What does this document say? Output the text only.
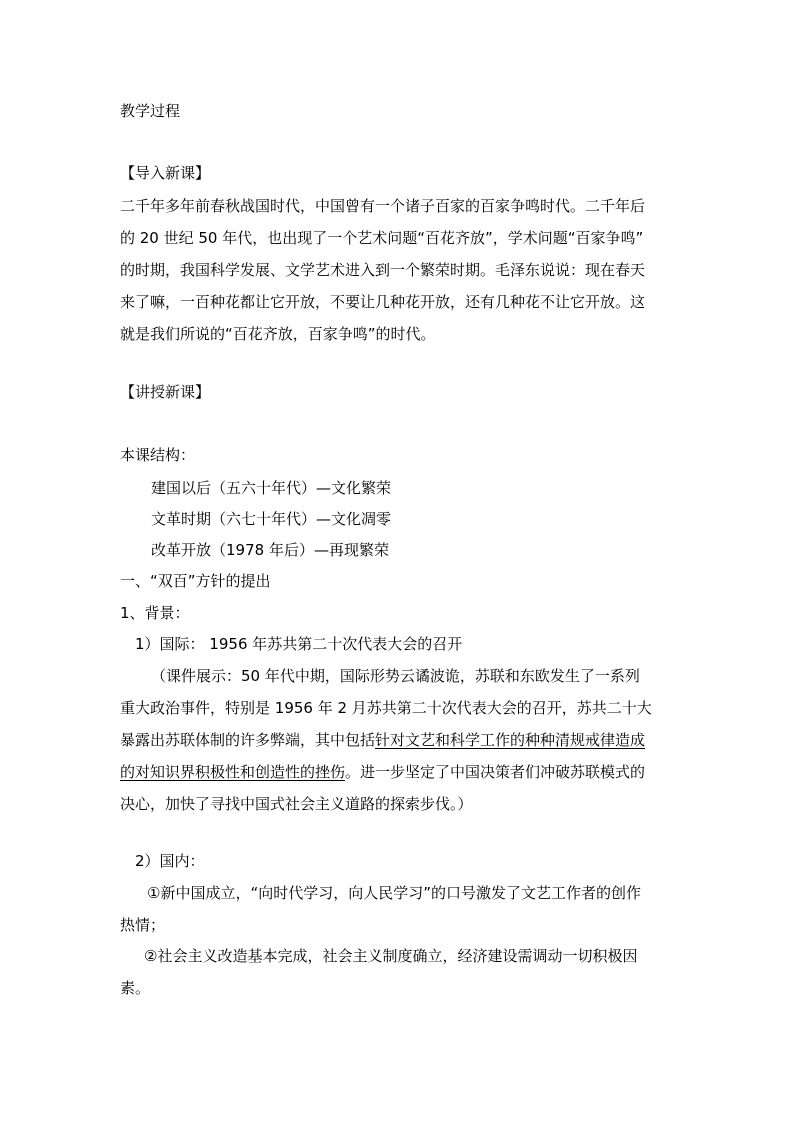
教学过程
【导入新课】
二千年多年前春秋战国时代，中国曾有一个诸子百家的百家争鸣时代。二千年后
的 20 世纪 50 年代，也出现了一个艺术问题“百花齐放”，学术问题“百家争鸣”
的时期，我国科学发展、文学艺术进入到一个繁荣时期。毛泽东说说：现在春天
来了嘛，一百种花都让它开放，不要让几种花开放，还有几种花不让它开放。这
就是我们所说的“百花齐放，百家争鸣”的时代。
【讲授新课】
本课结构：
建国以后（五六十年代）—文化繁荣
文革时期（六七十年代）—文化凋零
改革开放（1978 年后）—再现繁荣
一、“双百”方针的提出
1、背景：
1）国际： 1956 年苏共第二十次代表大会的召开
（课件展示：50 年代中期，国际形势云谲波诡，苏联和东欧发生了一系列
重大政治事件，特别是 1956 年 2 月苏共第二十次代表大会的召开，苏共二十大
暴露出苏联体制的许多弊端，其中包括针对文艺和科学工作的种种清规戒律造成
的对知识界积极性和创造性的挫伤。进一步坚定了中国决策者们冲破苏联模式的
决心，加快了寻找中国式社会主义道路的探索步伐。）
2）国内：
①新中国成立，“向时代学习，向人民学习”的口号激发了文艺工作者的创作
热情；
②社会主义改造基本完成，社会主义制度确立，经济建设需调动一切积极因
素。
